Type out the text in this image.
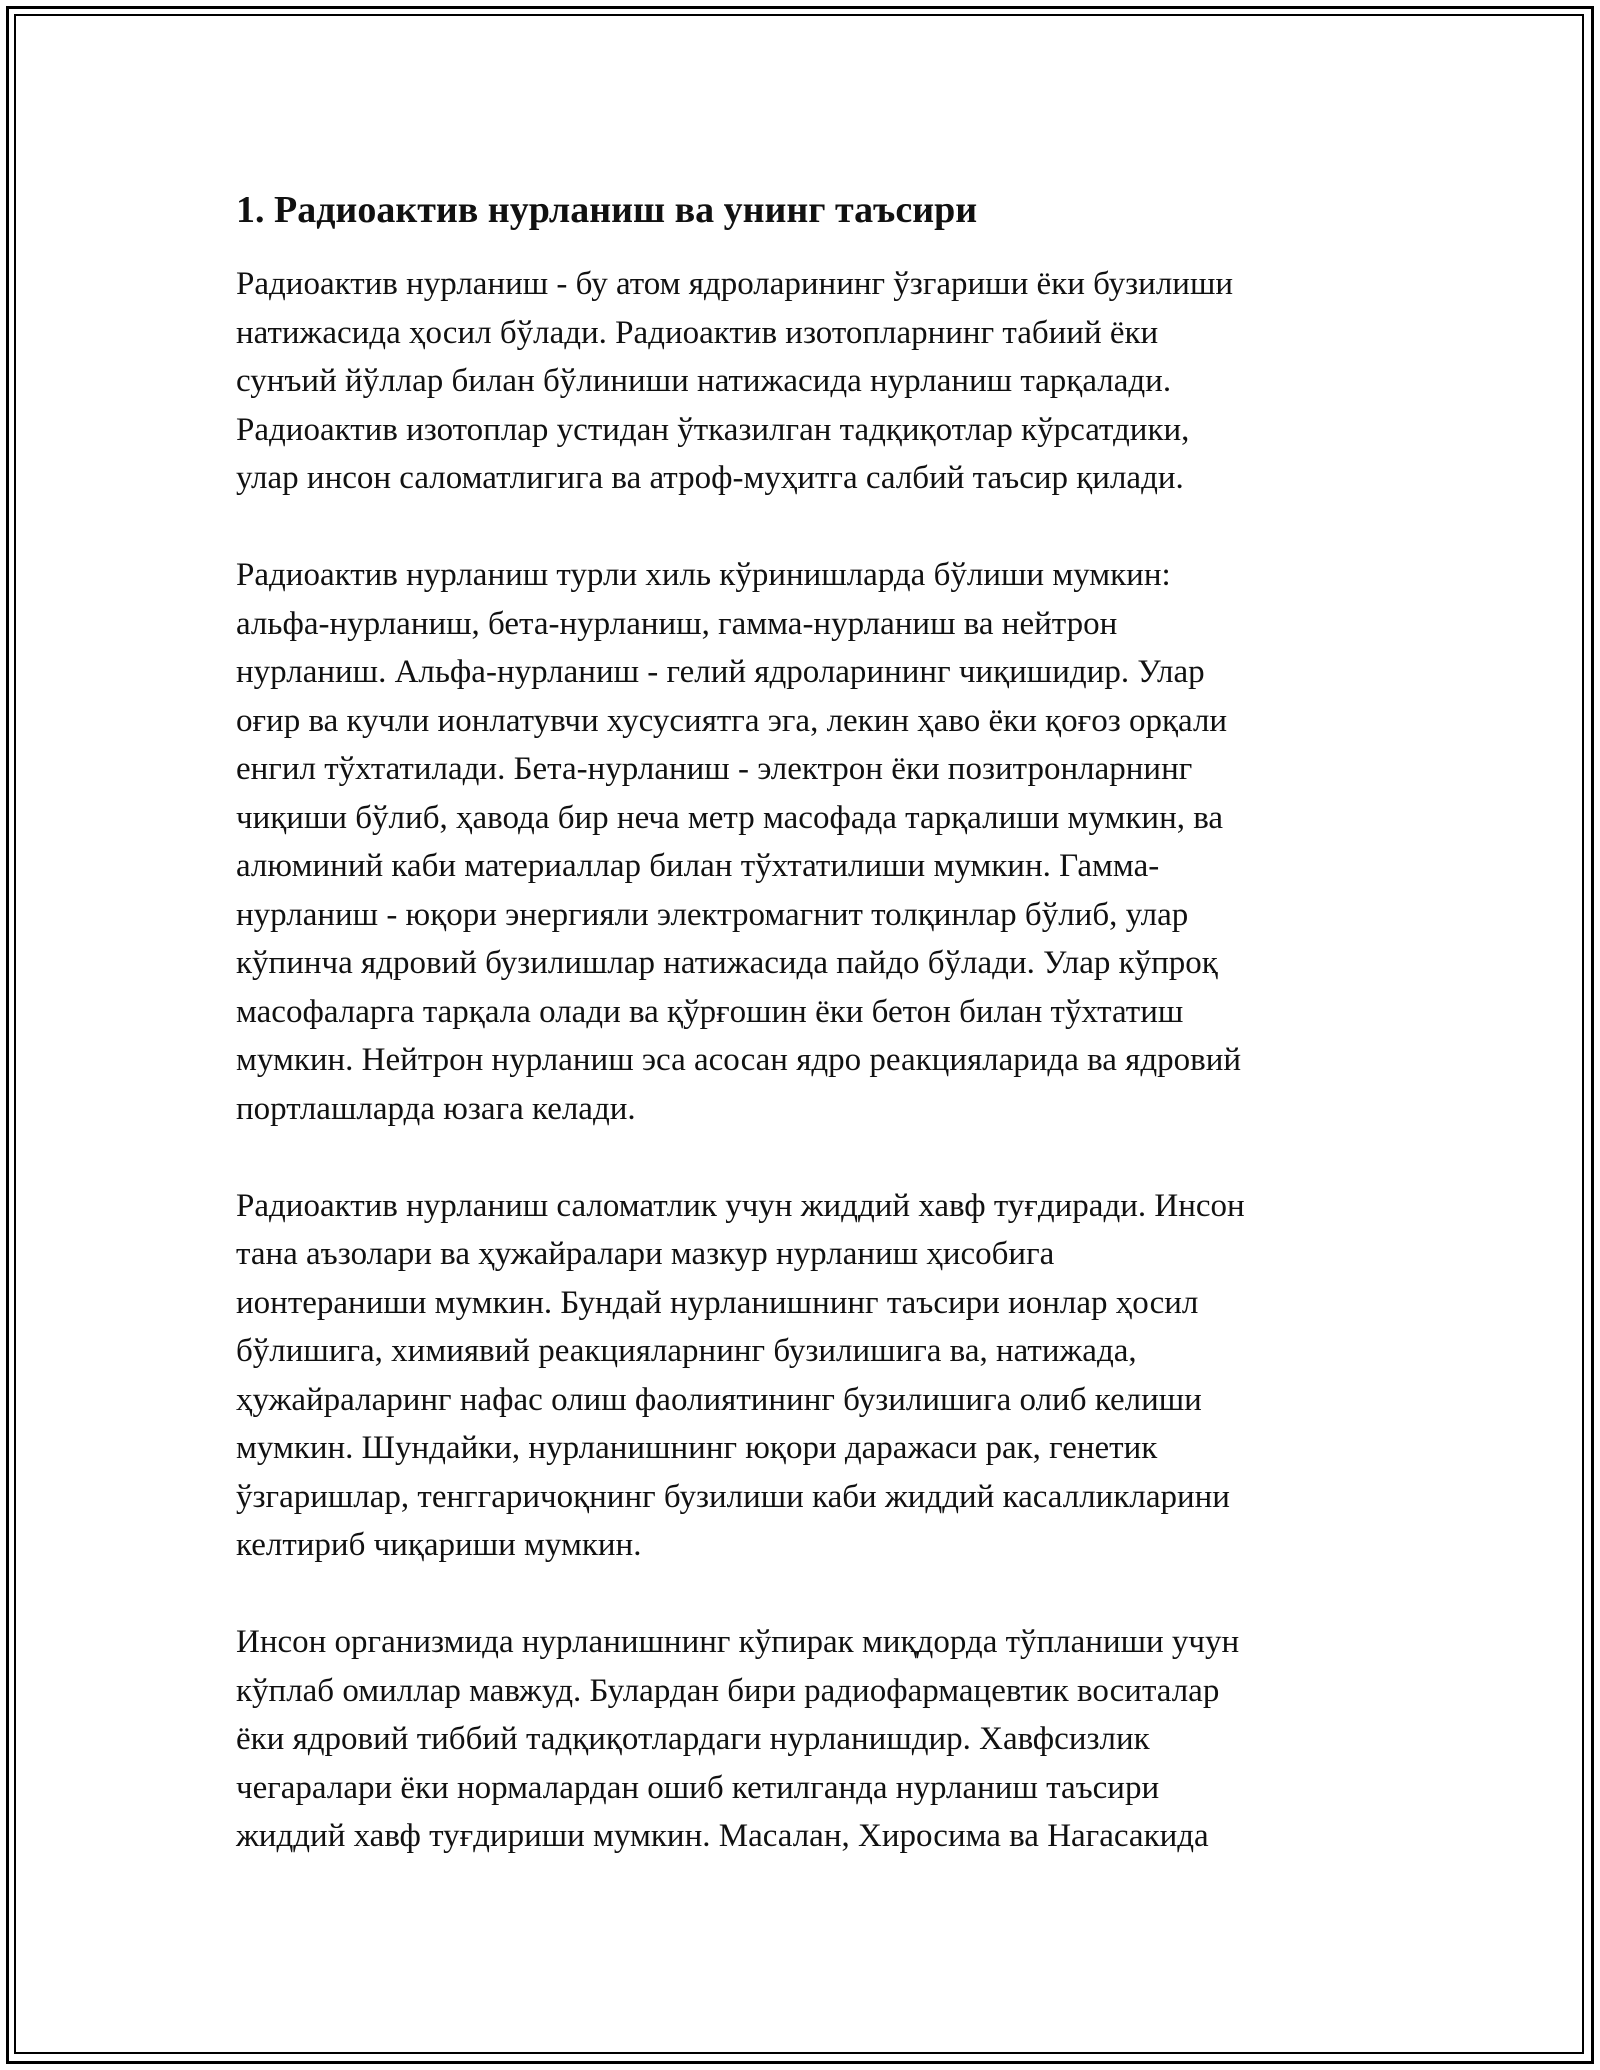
1. Радиоактив нурланиш ва унинг таъсири

Радиоактив нурланиш - бу атом ядроларининг ўзгариши ёки бузилиши
натижасида ҳосил бўлади. Радиоактив изотопларнинг табиий ёки
сунъий йўллар билан бўлиниши натижасида нурланиш тарқалади.
Радиоактив изотоплар устидан ўтказилган тадқиқотлар кўрсатдики,
улар инсон саломатлигига ва атроф-муҳитга салбий таъсир қилади.

Радиоактив нурланиш турли хиль кўринишларда бўлиши мумкин:
альфа-нурланиш, бета-нурланиш, гамма-нурланиш ва нейтрон
нурланиш. Альфа-нурланиш - гелий ядроларининг чиқишидир. Улар
оғир ва кучли ионлатувчи хусусиятга эга, лекин ҳаво ёки қоғоз орқали
енгил тўхтатилади. Бета-нурланиш - электрон ёки позитронларнинг
чиқиши бўлиб, ҳавода бир неча метр масофада тарқалиши мумкин, ва
алюминий каби материаллар билан тўхтатилиши мумкин. Гамма-
нурланиш - юқори энергияли электромагнит толқинлар бўлиб, улар
кўпинча ядровий бузилишлар натижасида пайдо бўлади. Улар кўпроқ
масофаларга тарқала олади ва қўрғошин ёки бетон билан тўхтатиш
мумкин. Нейтрон нурланиш эса асосан ядро реакцияларида ва ядровий
портлашларда юзага келади.

Радиоактив нурланиш саломатлик учун жиддий хавф туғдиради. Инсон
тана аъзолари ва ҳужайралари мазкур нурланиш ҳисобига
ионтераниши мумкин. Бундай нурланишнинг таъсири ионлар ҳосил
бўлишига, химиявий реакцияларнинг бузилишига ва, натижада,
ҳужайраларинг нафас олиш фаолиятининг бузилишига олиб келиши
мумкин. Шундайки, нурланишнинг юқори даражаси рак, генетик
ўзгаришлар, тенггаричоқнинг бузилиши каби жиддий касалликларини
келтириб чиқариши мумкин.

Инсон организмида нурланишнинг кўпирак миқдорда тўпланиши учун
кўплаб омиллар мавжуд. Булардан бири радиофармацевтик воситалар
ёки ядровий тиббий тадқиқотлардаги нурланишдир. Хавфсизлик
чегаралари ёки нормалардан ошиб кетилганда нурланиш таъсири
жиддий хавф туғдириши мумкин. Масалан, Хиросима ва Нагасакида
